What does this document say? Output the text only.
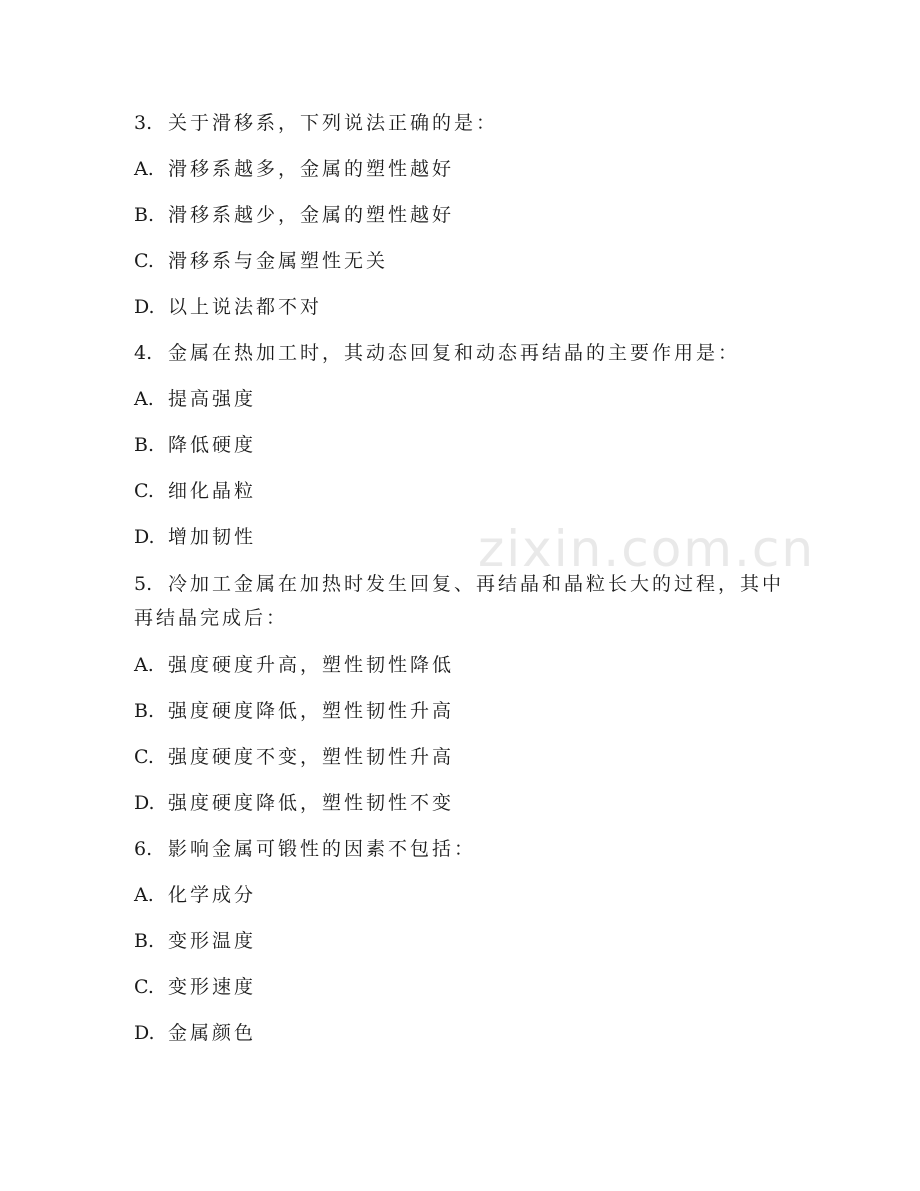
3. 关于滑移系，下列说法正确的是：
A. 滑移系越多，金属的塑性越好
B. 滑移系越少，金属的塑性越好
C. 滑移系与金属塑性无关
D. 以上说法都不对
4. 金属在热加工时，其动态回复和动态再结晶的主要作用是：
A. 提高强度
B. 降低硬度
C. 细化晶粒
D. 增加韧性
5. 冷加工金属在加热时发生回复、再结晶和晶粒长大的过程，其中再结晶完成后：
A. 强度硬度升高，塑性韧性降低
B. 强度硬度降低，塑性韧性升高
C. 强度硬度不变，塑性韧性升高
D. 强度硬度降低，塑性韧性不变
6. 影响金属可锻性的因素不包括：
A. 化学成分
B. 变形温度
C. 变形速度
D. 金属颜色
zixin.com.cn
